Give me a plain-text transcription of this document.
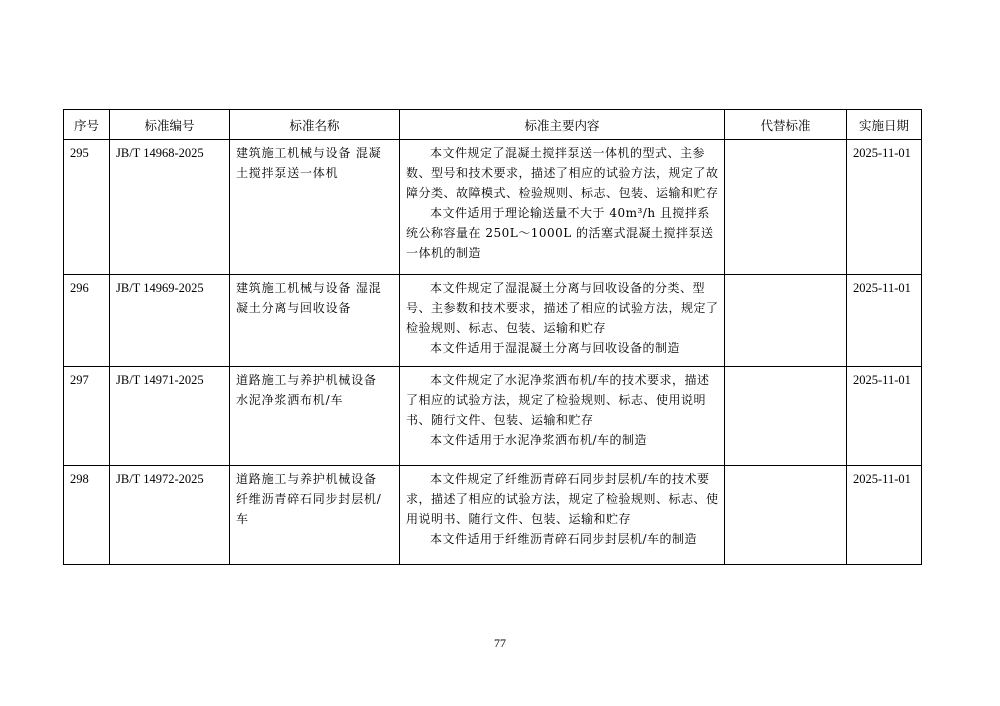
序号	标准编号	标准名称	标准主要内容	代替标准	实施日期
295	JB/T 14968-2025	建筑施工机械与设备 混凝土搅拌泵送一体机	本文件规定了混凝土搅拌泵送一体机的型式、主参数、型号和技术要求，描述了相应的试验方法，规定了故障分类、故障模式、检验规则、标志、包装、运输和贮存
本文件适用于理论输送量不大于 40m³/h 且搅拌系统公称容量在 250L～1000L 的活塞式混凝土搅拌泵送一体机的制造		2025-11-01
296	JB/T 14969-2025	建筑施工机械与设备 湿混凝土分离与回收设备	本文件规定了湿混凝土分离与回收设备的分类、型号、主参数和技术要求，描述了相应的试验方法，规定了检验规则、标志、包装、运输和贮存
本文件适用于湿混凝土分离与回收设备的制造		2025-11-01
297	JB/T 14971-2025	道路施工与养护机械设备 水泥净浆洒布机/车	本文件规定了水泥净浆洒布机/车的技术要求，描述了相应的试验方法，规定了检验规则、标志、使用说明书、随行文件、包装、运输和贮存
本文件适用于水泥净浆洒布机/车的制造		2025-11-01
298	JB/T 14972-2025	道路施工与养护机械设备 纤维沥青碎石同步封层机/车	本文件规定了纤维沥青碎石同步封层机/车的技术要求，描述了相应的试验方法，规定了检验规则、标志、使用说明书、随行文件、包装、运输和贮存
本文件适用于纤维沥青碎石同步封层机/车的制造		2025-11-01
77
